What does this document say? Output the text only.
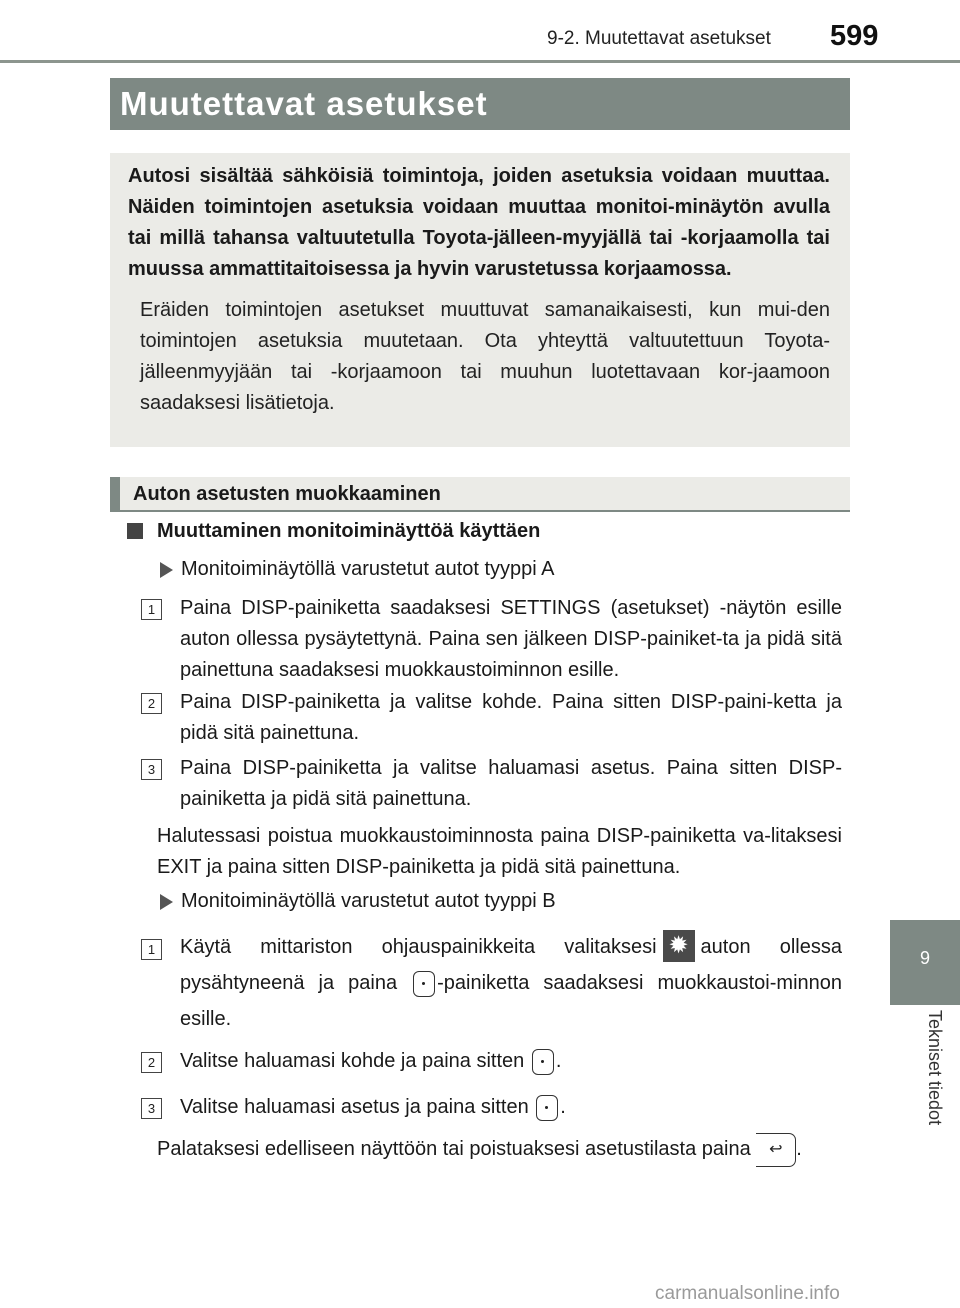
9-2. Muutettavat asetukset 599
9
Tekniset tiedot
Muutettavat asetukset

Autosi sisältää sähköisiä toimintoja, joiden asetuksia voidaan muuttaa. Näiden toimintojen asetuksia voidaan muuttaa monitoi-minäytön avulla tai millä tahansa valtuutetulla Toyota-jälleen-myyjällä tai -korjaamolla tai muussa ammattitaitoisessa ja hyvin varustetussa korjaamossa.

Eräiden toimintojen asetukset muuttuvat samanaikaisesti, kun mui-den toimintojen asetuksia muutetaan. Ota yhteyttä valtuutettuun Toyota-jälleenmyyjään tai -korjaamoon tai muuhun luotettavaan kor-jaamoon saadaksesi lisätietoja.

Auton asetusten muokkaaminen
Muuttaminen monitoiminäyttöä käyttäen
Monitoiminäytöllä varustetut autot tyyppi A
1	Paina DISP-painiketta saadaksesi SETTINGS (asetukset) -näytön esille auton ollessa pysäytettynä. Paina sen jälkeen DISP-painiket-ta ja pidä sitä painettuna saadaksesi muokkaustoiminnon esille.

2	Paina DISP-painiketta ja valitse kohde. Paina sitten DISP-paini-ketta ja pidä sitä painettuna.

3	Paina DISP-painiketta ja valitse haluamasi asetus. Paina sitten DISP-painiketta ja pidä sitä painettuna.

Halutessasi poistua muokkaustoiminnosta paina DISP-painiketta va-litaksesi EXIT ja paina sitten DISP-painiketta ja pidä sitä painettuna.

Monitoiminäytöllä varustetut autot tyyppi B
1	Käytä mittariston ohjauspainikkeita valitaksesi ✹ auton ollessa pysähtyneenä ja paina -painiketta saadaksesi muokkaustoi-minnon esille.

2	Valitse haluamasi kohde ja paina sitten .

3	Valitse haluamasi asetus ja paina sitten .

Palataksesi edelliseen näyttöön tai poistuaksesi asetustilasta paina ↩ .

carmanualsonline.info
